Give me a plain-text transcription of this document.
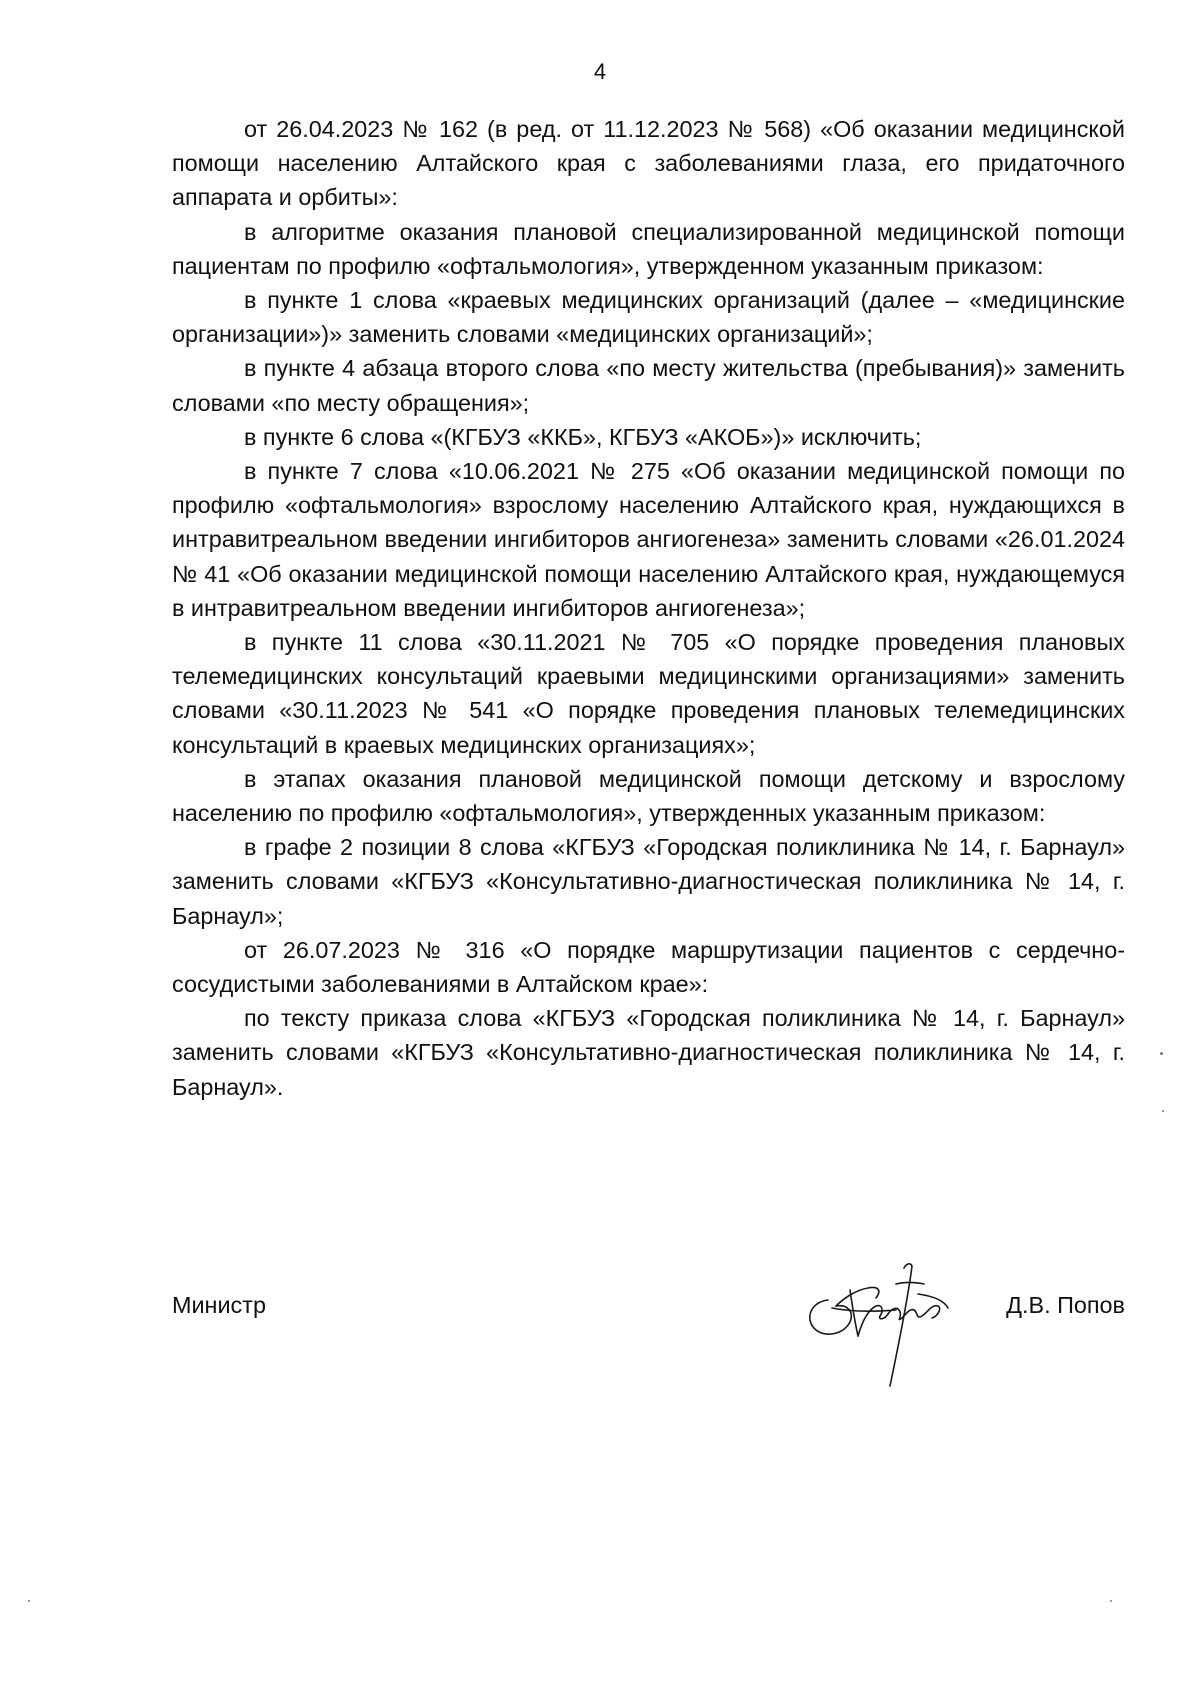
4

от 26.04.2023 № 162 (в ред. от 11.12.2023 № 568) «Об оказании медицинской помощи населению Алтайского края с заболеваниями глаза, его придаточного аппарата и орбиты»:

в алгоритме оказания плановой специализированной медицинской поmощи пациентам по профилю «офтальмология», утвержденном указанным приказом:

в пункте 1 слова «краевых медицинских организаций (далее – «медицинские организации»)» заменить словами «медицинских организаций»;

в пункте 4 абзаца второго слова «по месту жительства (пребывания)» заменить словами «по месту обращения»;

в пункте 6 слова «(КГБУЗ «ККБ», КГБУЗ «АКОБ»)» исключить;

в пункте 7 слова «10.06.2021 № 275 «Об оказании медицинской помощи по профилю «офтальмология» взрослому населению Алтайского края, нуждающихся в интравитреальном введении ингибиторов ангиогенеза» заменить словами «26.01.2024 № 41 «Об оказании медицинской помощи населению Алтайского края, нуждающемуся в интравитреальном введении ингибиторов ангиогенеза»;

в пункте 11 слова «30.11.2021 № 705 «О порядке проведения плановых телемедицинских консультаций краевыми медицинскими организациями» заменить словами «30.11.2023 № 541 «О порядке проведения плановых телемедицинских консультаций в краевых медицинских организациях»;

в этапах оказания плановой медицинской помощи детскому и взрослому населению по профилю «офтальмология», утвержденных указанным приказом:

в графе 2 позиции 8 слова «КГБУЗ «Городская поликлиника № 14, г. Барнаул» заменить словами «КГБУЗ «Консультативно-диагностическая поликлиника № 14, г. Барнаул»;

от 26.07.2023 № 316 «О порядке маршрутизации пациентов с сердечно-сосудистыми заболеваниями в Алтайском крае»:

по тексту приказа слова «КГБУЗ «Городская поликлиника № 14, г. Барнаул» заменить словами «КГБУЗ «Консультативно-диагностическая поликлиника № 14, г. Барнаул».

Министр	Д.В. Попов
